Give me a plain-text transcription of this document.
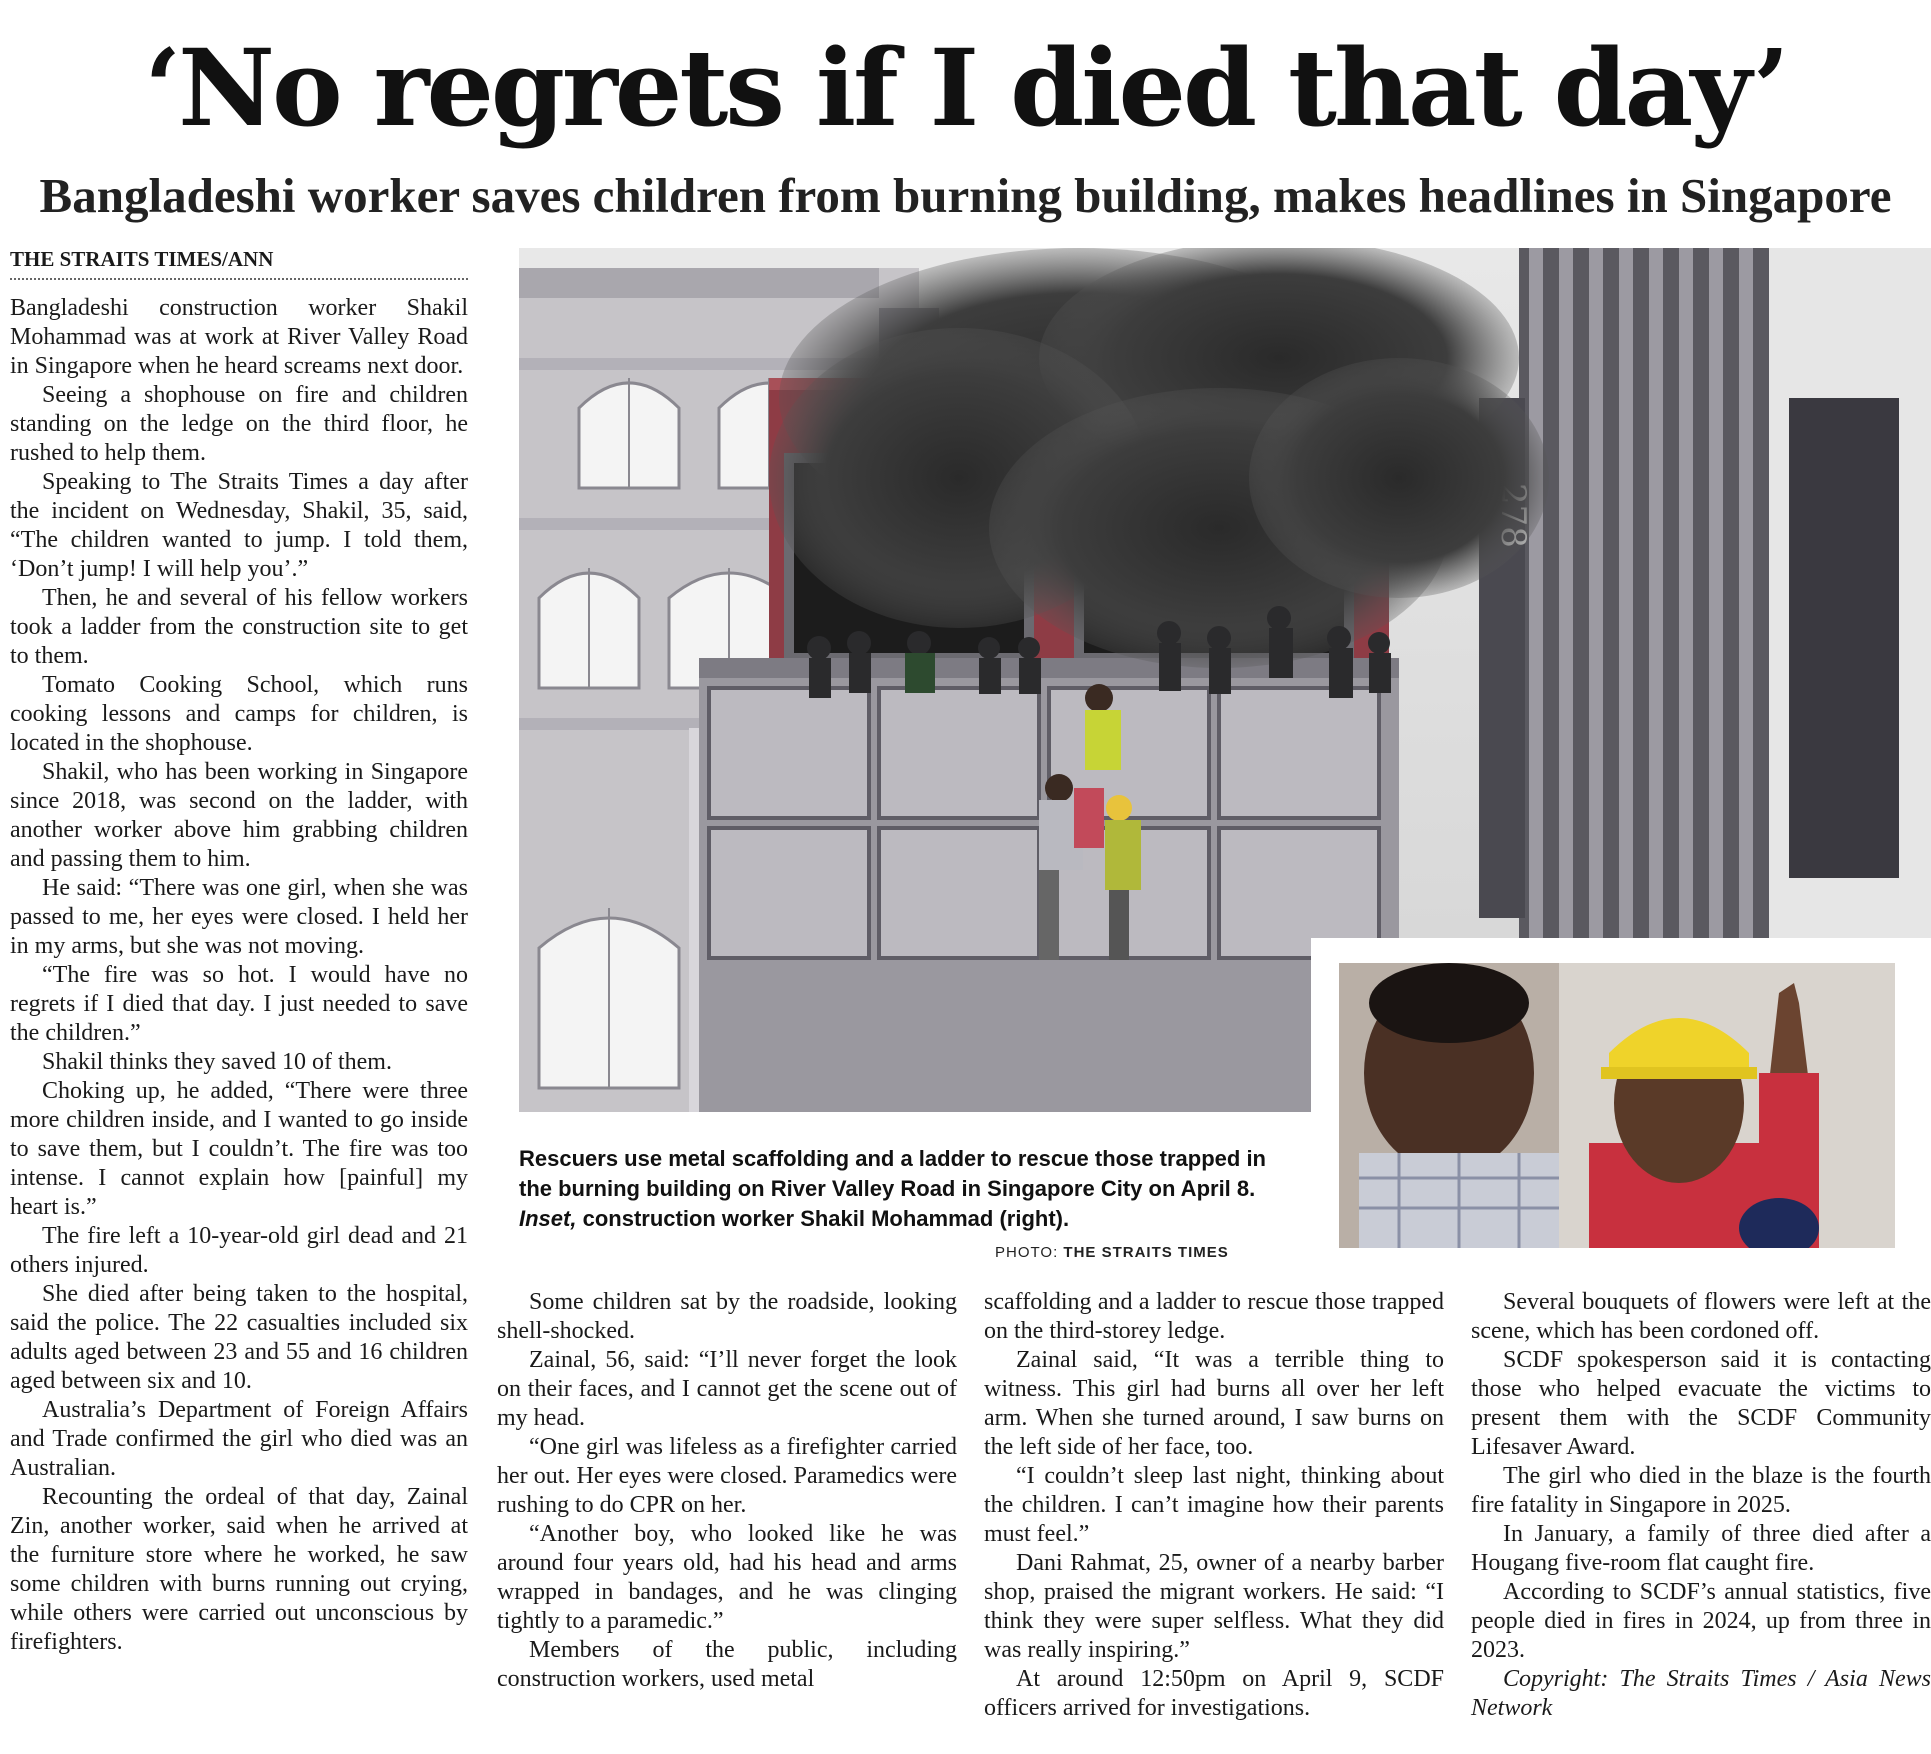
‘No regrets if I died that day’
Bangladeshi worker saves children from burning building, makes headlines in Singapore
THE STRAITS TIMES/ANN

Bangladeshi construction worker Shakil Mohammad was at work at River Valley Road in Singapore when he heard screams next door.

Seeing a shophouse on fire and children standing on the ledge on the third floor, he rushed to help them.

Speaking to The Straits Times a day after the incident on Wednesday, Shakil, 35, said, “The children wanted to jump. I told them, ‘Don’t jump! I will help you’.”

Then, he and several of his fellow workers took a ladder from the construction site to get to them.

Tomato Cooking School, which runs cooking lessons and camps for children, is located in the shophouse.

Shakil, who has been working in Singapore since 2018, was second on the ladder, with another worker above him grabbing children and passing them to him.

He said: “There was one girl, when she was passed to me, her eyes were closed. I held her in my arms, but she was not moving.

“The fire was so hot. I would have no regrets if I died that day. I just needed to save the children.”

Shakil thinks they saved 10 of them.

Choking up, he added, “There were three more children inside, and I wanted to go inside to save them, but I couldn’t. The fire was too intense. I cannot explain how [painful] my heart is.”

The fire left a 10-year-old girl dead and 21 others injured.

She died after being taken to the hospital, said the police. The 22 casualties included six adults aged between 23 and 55 and 16 children aged between six and 10.

Australia’s Department of Foreign Affairs and Trade confirmed the girl who died was an Australian.

Recounting the ordeal of that day, Zainal Zin, another worker, said when he arrived at the furniture store where he worked, he saw some children with burns running out crying, while others were carried out unconscious by firefighters.

Rescuers use metal scaffolding and a ladder to rescue those trapped in the burning building on River Valley Road in Singapore City on April 8. Inset, construction worker Shakil Mohammad (right).
PHOTO: THE STRAITS TIMES

Some children sat by the roadside, looking shell-shocked.

Zainal, 56, said: “I’ll never forget the look on their faces, and I cannot get the scene out of my head.

“One girl was lifeless as a firefighter carried her out. Her eyes were closed. Paramedics were rushing to do CPR on her.

“Another boy, who looked like he was around four years old, had his head and arms wrapped in bandages, and he was clinging tightly to a paramedic.”

Members of the public, including construction workers, used metal

scaffolding and a ladder to rescue those trapped on the third-storey ledge.

Zainal said, “It was a terrible thing to witness. This girl had burns all over her left arm. When she turned around, I saw burns on the left side of her face, too.

“I couldn’t sleep last night, thinking about the children. I can’t imagine how their parents must feel.”

Dani Rahmat, 25, owner of a nearby barber shop, praised the migrant workers. He said: “I think they were super selfless. What they did was really inspiring.”

At around 12:50pm on April 9, SCDF officers arrived for investigations.

Several bouquets of flowers were left at the scene, which has been cordoned off.

SCDF spokesperson said it is contacting those who helped evacuate the victims to present them with the SCDF Community Lifesaver Award.

The girl who died in the blaze is the fourth fire fatality in Singapore in 2025.

In January, a family of three died after a Hougang five-room flat caught fire.

According to SCDF’s annual statistics, five people died in fires in 2024, up from three in 2023.

Copyright: The Straits Times / Asia News Network
